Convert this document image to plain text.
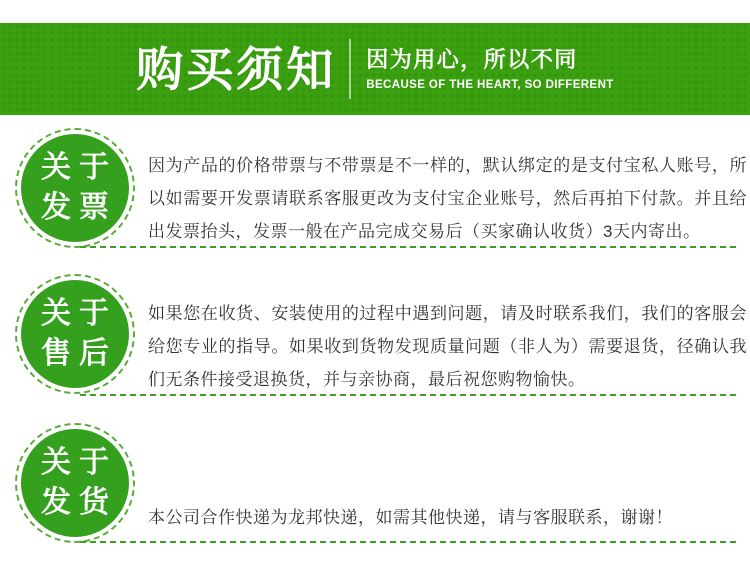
购买须知 因为用心，所以不同
BECAUSE OF THE HEART, SO DIFFERENT
关于
发票

因为产品的价格带票与不带票是不一样的，默认绑定的是支付宝私人账号，所以如需要开发票请联系客服更改为支付宝企业账号，然后再拍下付款。并且给出发票抬头，发票一般在产品完成交易后（买家确认收货）3天内寄出。

关于
售后

如果您在收货、安装使用的过程中遇到问题，请及时联系我们，我们的客服会给您专业的指导。如果收到货物发现质量问题（非人为）需要退货，径确认我们无条件接受退换货，并与亲协商，最后祝您购物愉快。

关于
发货 本公司合作快递为龙邦快递，如需其他快递，请与客服联系，谢谢！
